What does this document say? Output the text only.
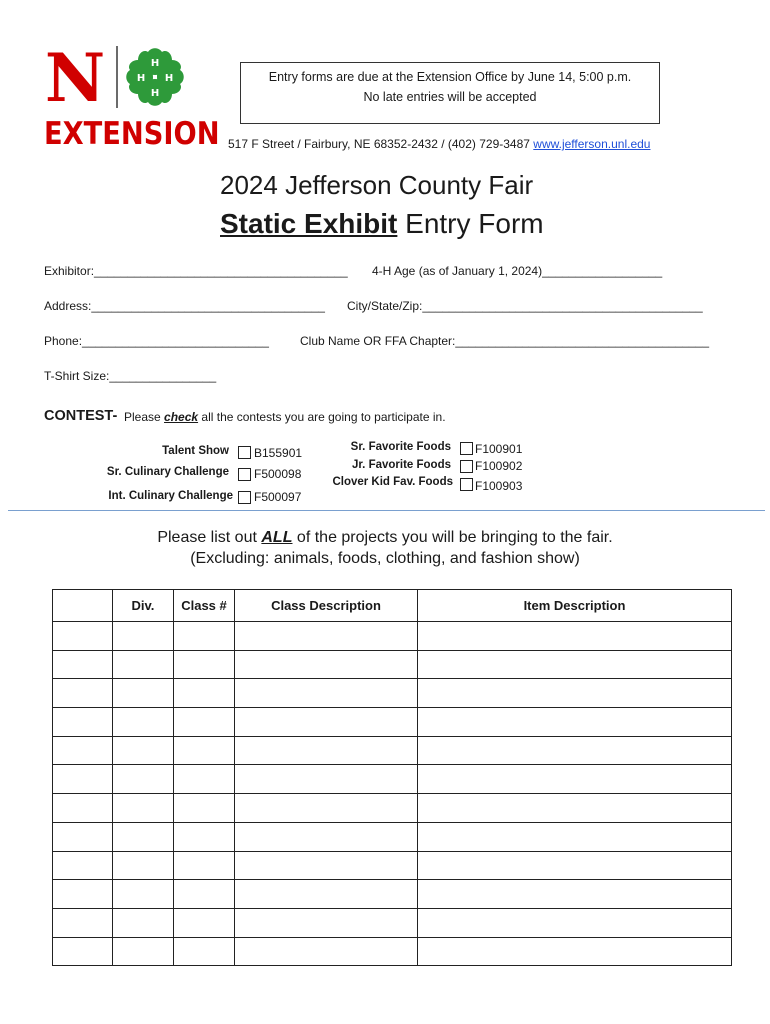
N	H
H
H
H
EXTENSION
Entry forms are due at the Extension Office by June 14, 5:00 p.m.
No late entries will be accepted
517 F Street / Fairbury, NE 68352-2432 / (402) 729-3487 www.jefferson.unl.edu
2024 Jefferson County Fair
Static Exhibit Entry Form
Exhibitor:______________________________________ 4-H Age (as of January 1, 2024)__________________
Address:___________________________________ City/State/Zip:__________________________________________
Phone:____________________________	Club Name OR FFA Chapter:______________________________________
T-Shirt Size:________________
CONTEST- Please check all the contests you are going to participate in.
Talent Show B155901
Sr. Culinary Challenge F500098
Int. Culinary Challenge F500097
Sr. Favorite Foods F100901
Jr. Favorite Foods F100902
Clover Kid Fav. Foods F100903
Please list out ALL of the projects you will be bringing to the fair.
(Excluding: animals, foods, clothing, and fashion show)
	Div.	Class #	Class Description	Item Description
